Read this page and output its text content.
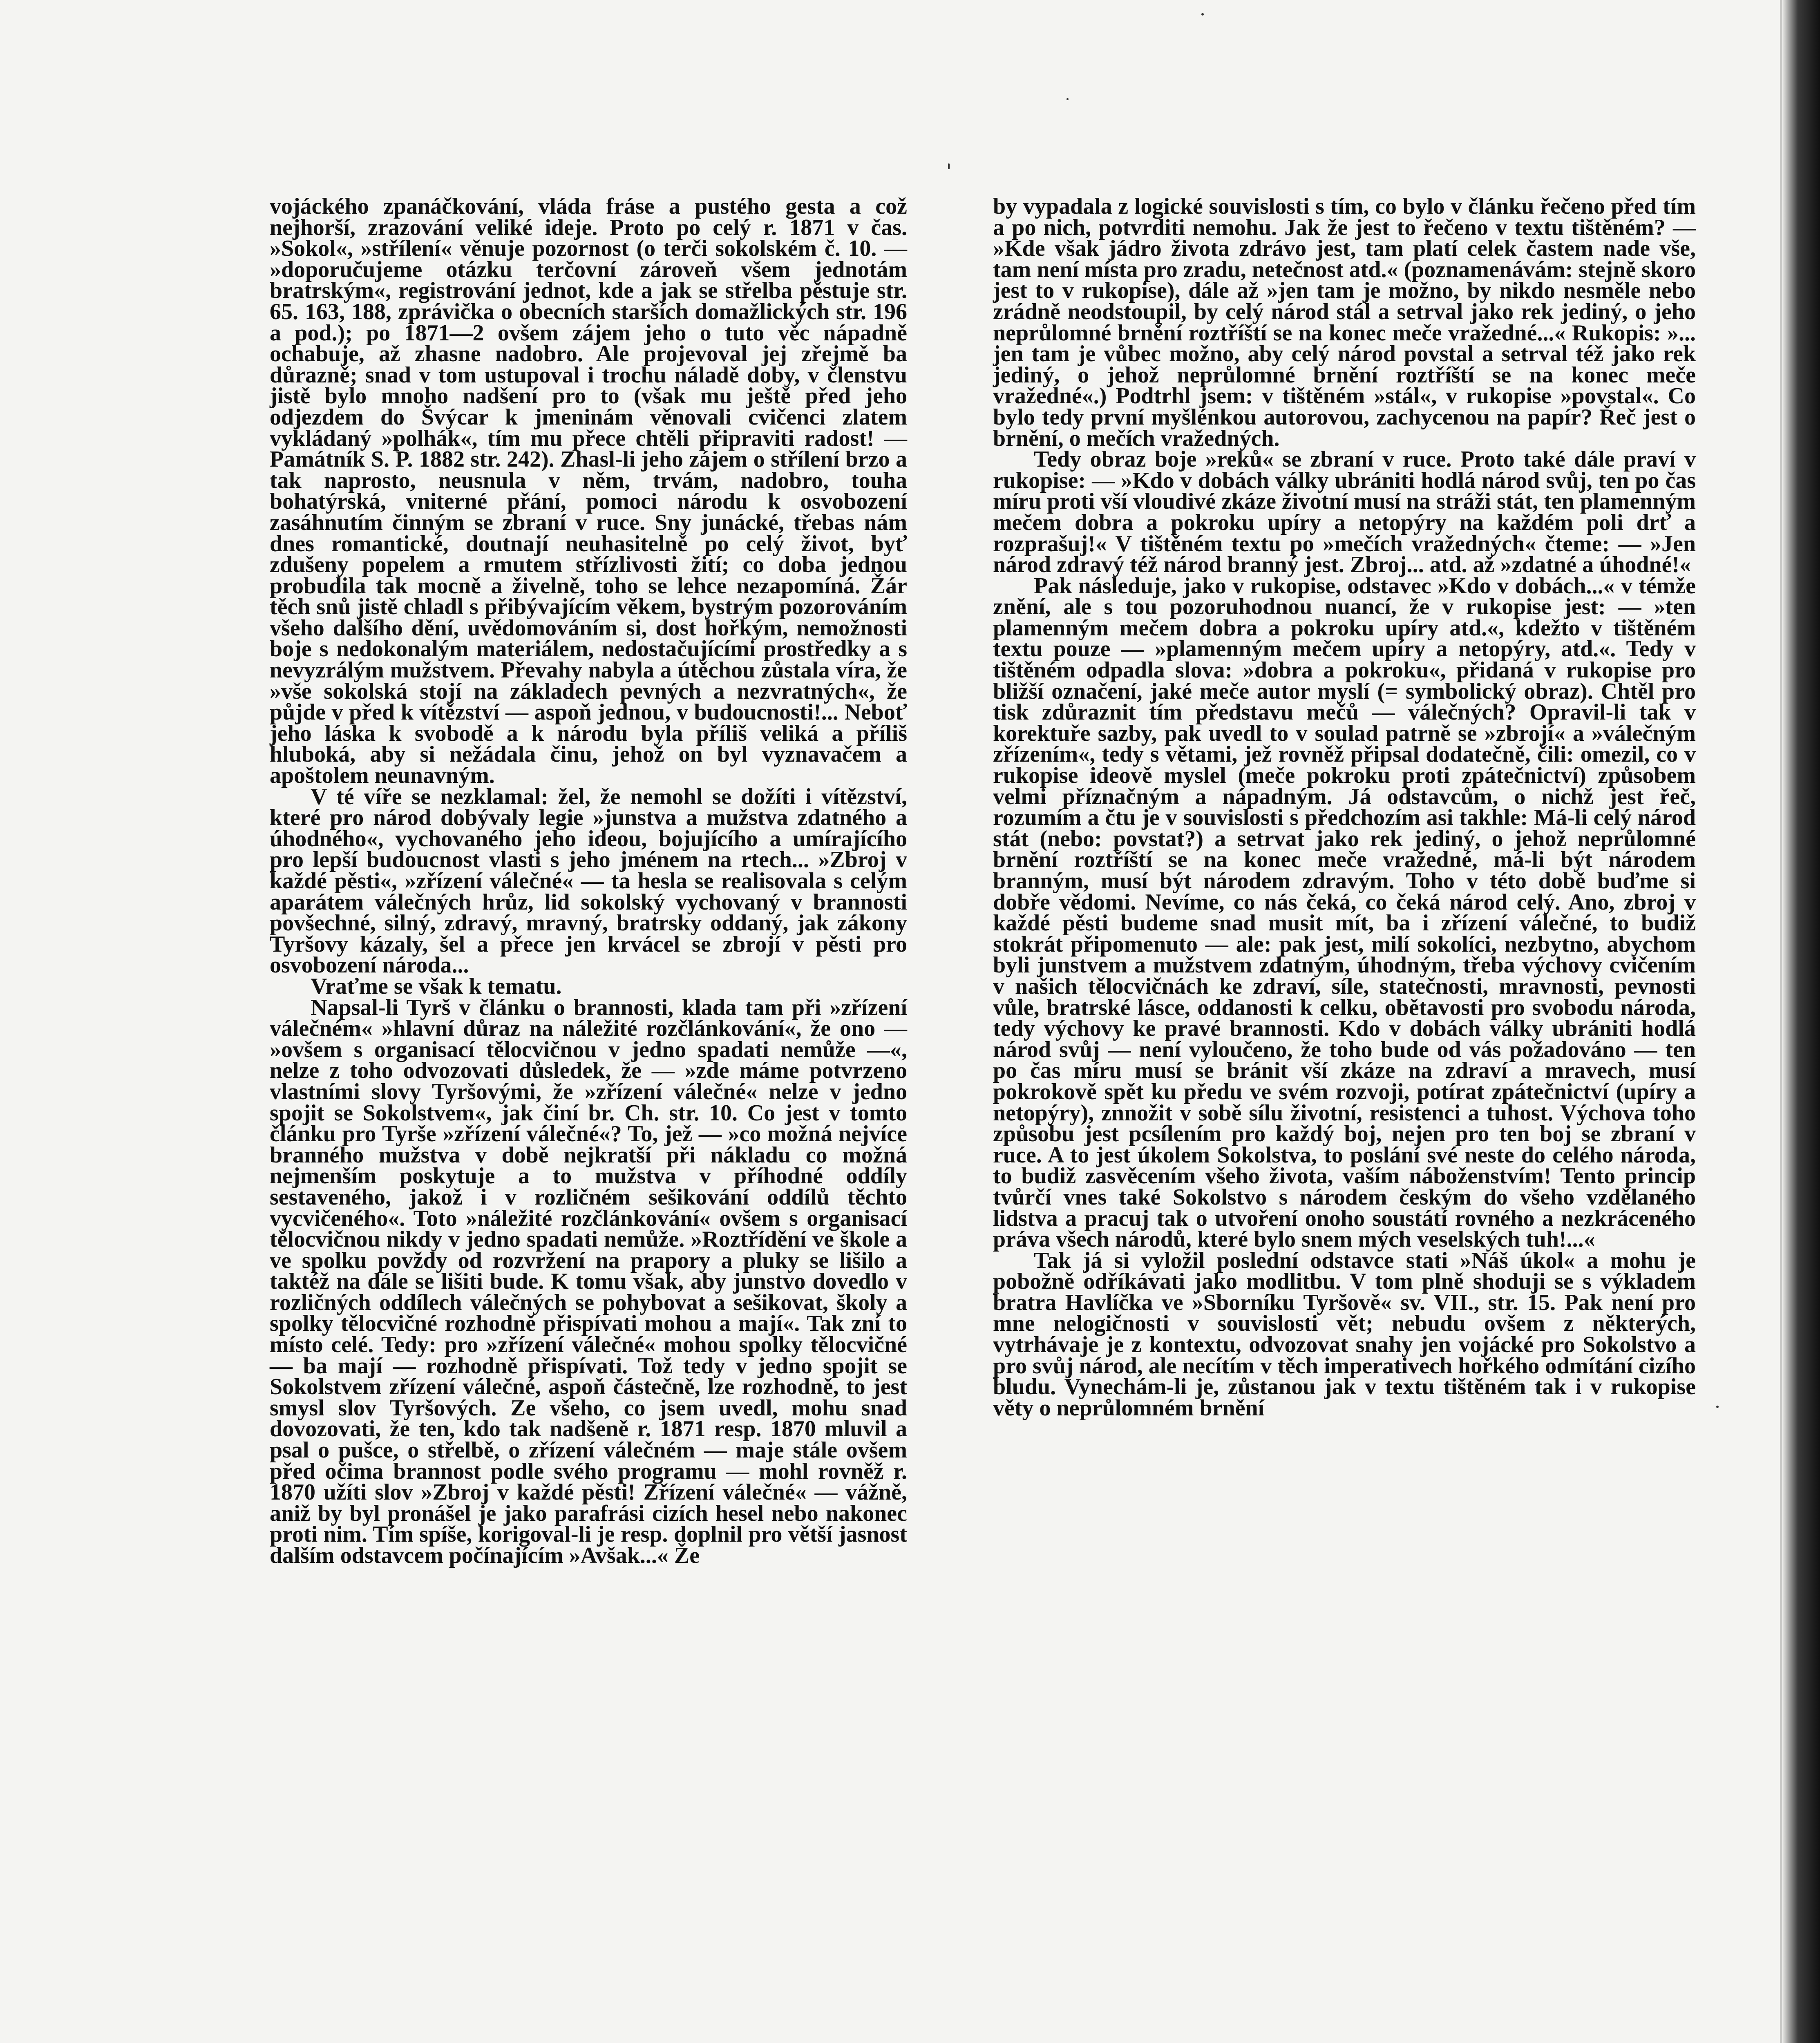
vojáckého zpanáčkování, vláda fráse a pustého gesta a což nejhorší, zrazování veliké ideje. Proto po celý r. 1871 v čas. »Sokol«, »střílení« věnuje pozornost (o terči sokolském č. 10. — »doporučujeme otázku terčovní zároveň všem jednotám bratrským«, registrování jednot, kde a jak se střelba pěstuje str. 65. 163, 188, zprávička o obecních starších domažlických str. 196 a pod.); po 1871—2 ovšem zájem jeho o tuto věc nápadně ochabuje, až zhasne nadobro. Ale projevoval jej zřejmě ba důrazně; snad v tom ustupoval i trochu náladě doby, v členstvu jistě bylo mnoho nadšení pro to (však mu ještě před jeho odjezdem do Švýcar k jmeninám věnovali cvičenci zlatem vykládaný »polhák«, tím mu přece chtěli připraviti radost! — Památník S. P. 1882 str. 242). Zhasl-li jeho zájem o střílení brzo a tak naprosto, neusnula v něm, trvám, nadobro, touha bohatýrská, vniterné přání, pomoci národu k osvobození zasáhnutím činným se zbraní v ruce. Sny junácké, třebas nám dnes romantické, doutnají neuhasitelně po celý život, byť zdušeny popelem a rmutem střízlivosti žití; co doba jednou probudila tak mocně a živelně, toho se lehce nezapomíná. Žár těch snů jistě chladl s přibývajícím věkem, bystrým pozorováním všeho dalšího dění, uvědomováním si, dost hořkým, nemožnosti boje s nedokonalým materiálem, nedostačujícími prostředky a s nevyzrálým mužstvem. Převahy nabyla a útěchou zůstala víra, že »vše sokolská stojí na základech pevných a nezvratných«, že půjde v před k vítězství — aspoň jednou, v budoucnosti!... Neboť jeho láska k svobodě a k národu byla příliš veliká a příliš hluboká, aby si nežádala činu, jehož on byl vyznavačem a apoštolem neunavným.

V té víře se nezklamal: žel, že nemohl se dožíti i vítězství, které pro národ dobývaly legie »junstva a mužstva zdatného a úhodného«, vychovaného jeho ideou, bojujícího a umírajícího pro lepší budoucnost vlasti s jeho jménem na rtech... »Zbroj v každé pěsti«, »zřízení válečné« — ta hesla se realisovala s celým aparátem válečných hrůz, lid sokolský vychovaný v brannosti povšechné, silný, zdravý, mravný, bratrsky oddaný, jak zákony Tyršovy kázaly, šel a přece jen krvácel se zbrojí v pěsti pro osvobození národa...

Vraťme se však k tematu.

Napsal-li Tyrš v článku o brannosti, klada tam při »zřízení válečném« »hlavní důraz na náležité rozčlánkování«, že ono — »ovšem s organisací tělocvičnou v jedno spadati nemůže —«, nelze z toho odvozovati důsledek, že — »zde máme potvrzeno vlastními slovy Tyršovými, že »zřízení válečné« nelze v jedno spojit se Sokolstvem«, jak činí br. Ch. str. 10. Co jest v tomto článku pro Tyrše »zřízení válečné«? To, jež — »co možná nejvíce branného mužstva v době nejkratší při nákladu co možná nejmenším poskytuje a to mužstva v příhodné oddíly sestaveného, jakož i v rozličném sešikování oddílů těchto vycvičeného«. Toto »náležité rozčlánkování« ovšem s organisací tělocvičnou nikdy v jedno spadati nemůže. »Roztřídění ve škole a ve spolku povždy od rozvržení na prapory a pluky se lišilo a taktéž na dále se lišiti bude. K tomu však, aby junstvo dovedlo v rozličných oddílech válečných se pohybovat a sešikovat, školy a spolky tělocvičné rozhodně přispívati mohou a mají«. Tak zní to místo celé. Tedy: pro »zřízení válečné« mohou spolky tělocvičné — ba mají — rozhodně přispívati. Tož tedy v jedno spojit se Sokolstvem zřízení válečné, aspoň částečně, lze rozhodně, to jest smysl slov Tyršových. Ze všeho, co jsem uvedl, mohu snad dovozovati, že ten, kdo tak nadšeně r. 1871 resp. 1870 mluvil a psal o pušce, o střelbě, o zřízení válečném — maje stále ovšem před očima brannost podle svého programu — mohl rovněž r. 1870 užíti slov »Zbroj v každé pěsti! Zřízení válečné« — vážně, aniž by byl pronášel je jako parafrási cizích hesel nebo nakonec proti nim. Tím spíše, korigoval-li je resp. doplnil pro větší jasnost dalším odstavcem počínajícím »Avšak...« Že

by vypadala z logické souvislosti s tím, co bylo v článku řečeno před tím a po nich, potvrditi nemohu. Jak že jest to řečeno v textu tištěném? — »Kde však jádro života zdrávo jest, tam platí celek častem nade vše, tam není místa pro zradu, netečnost atd.« (poznamenávám: stejně skoro jest to v rukopise), dále až »jen tam je možno, by nikdo nesměle nebo zrádně neodstoupil, by celý národ stál a setrval jako rek jediný, o jeho neprůlomné brnění roztříští se na konec meče vražedné...« Rukopis: »... jen tam je vůbec možno, aby celý národ povstal a setrval též jako rek jediný, o jehož neprůlomné brnění roztříští se na konec meče vražedné«.) Podtrhl jsem: v tištěném »stál«, v rukopise »povstal«. Co bylo tedy první myšlénkou autorovou, zachycenou na papír? Řeč jest o brnění, o mečích vražedných.

Tedy obraz boje »reků« se zbraní v ruce. Proto také dále praví v rukopise: — »Kdo v dobách války ubrániti hodlá národ svůj, ten po čas míru proti vší vloudivé zkáze životní musí na stráži stát, ten plamenným mečem dobra a pokroku upíry a netopýry na každém poli drť a rozprašuj!« V tištěném textu po »mečích vražedných« čteme: — »Jen národ zdravý též národ branný jest. Zbroj... atd. až »zdatné a úhodné!«

Pak následuje, jako v rukopise, odstavec »Kdo v dobách...« v témže znění, ale s tou pozoruhodnou nuancí, že v rukopise jest: — »ten plamenným mečem dobra a pokroku upíry atd.«, kdežto v tištěném textu pouze — »plamenným mečem upíry a netopýry, atd.«. Tedy v tištěném odpadla slova: »dobra a pokroku«, přidaná v rukopise pro bližší označení, jaké meče autor myslí (= symbolický obraz). Chtěl pro tisk zdůraznit tím představu mečů — válečných? Opravil-li tak v korektuře sazby, pak uvedl to v soulad patrně se »zbrojí« a »válečným zřízením«, tedy s větami, jež rovněž připsal dodatečně, čili: omezil, co v rukopise ideově myslel (meče pokroku proti zpátečnictví) způsobem velmi příznačným a nápadným. Já odstavcům, o nichž jest řeč, rozumím a čtu je v souvislosti s předchozím asi takhle: Má-li celý národ stát (nebo: povstat?) a setrvat jako rek jediný, o jehož neprůlomné brnění roztříští se na konec meče vražedné, má-li být národem branným, musí být národem zdravým. Toho v této době buďme si dobře vědomi. Nevíme, co nás čeká, co čeká národ celý. Ano, zbroj v každé pěsti budeme snad musit mít, ba i zřízení válečné, to budiž stokrát připomenuto — ale: pak jest, milí sokolíci, nezbytno, abychom byli junstvem a mužstvem zdatným, úhodným, třeba výchovy cvičením v našich tělocvičnách ke zdraví, síle, statečnosti, mravnosti, pevnosti vůle, bratrské lásce, oddanosti k celku, obětavosti pro svobodu národa, tedy výchovy ke pravé brannosti. Kdo v dobách války ubrániti hodlá národ svůj — není vyloučeno, že toho bude od vás požadováno — ten po čas míru musí se bránit vší zkáze na zdraví a mravech, musí pokrokově spět ku předu ve svém rozvoji, potírat zpátečnictví (upíry a netopýry), znnožit v sobě sílu životní, resistenci a tuhost. Výchova toho způsobu jest pcsílením pro každý boj, nejen pro ten boj se zbraní v ruce. A to jest úkolem Sokolstva, to poslání své neste do celého národa, to budiž zasvěcením všeho života, vaším náboženstvím! Tento princip tvůrčí vnes také Sokolstvo s národem českým do všeho vzdělaného lidstva a pracuj tak o utvoření onoho soustátí rovného a nezkráceného práva všech národů, které bylo snem mých veselských tuh!...«

Tak já si vyložil poslední odstavce stati »Náš úkol« a mohu je pobožně odříkávati jako modlitbu. V tom plně shoduji se s výkladem bratra Havlíčka ve »Sborníku Tyršově« sv. VII., str. 15. Pak není pro mne nelogičnosti v souvislosti vět; nebudu ovšem z některých, vytrhávaje je z kontextu, odvozovat snahy jen vojácké pro Sokolstvo a pro svůj národ, ale necítím v těch imperativech hořkého odmítání cizího bludu. Vynechám-li je, zůstanou jak v textu tištěném tak i v rukopise věty o neprůlomném brnění
